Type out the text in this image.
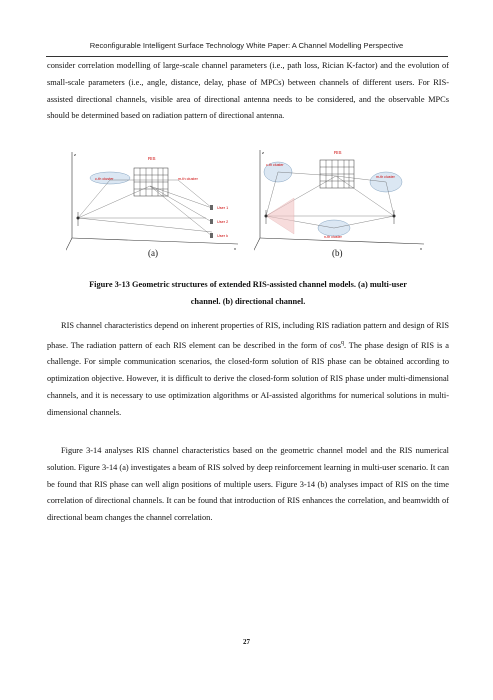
Reconfigurable Intelligent Surface Technology White Paper: A Channel Modelling Perspective
consider correlation modelling of large-scale channel parameters (i.e., path loss, Rician K-factor) and the evolution of small-scale parameters (i.e., angle, distance, delay, phase of MPCs) between channels of different users. For RIS-assisted directional channels, visible area of directional antenna needs to be considered, and the observable MPCs should be determined based on radiation pattern of directional antenna.
z
x
RIS
c-th cluster	m-th cluster
User 1
User 2
User k
(a)
z
x
RIS
c-th cluster
m-th cluster
n-th cluster
(b)
Figure 3-13 Geometric structures of extended RIS-assisted channel models. (a) multi-user
channel. (b) directional channel.
RIS channel characteristics depend on inherent properties of RIS, including RIS radiation pattern and design of RIS phase. The radiation pattern of each RIS element can be described in the form of $\cos^q$. The phase design of RIS is a challenge. For simple communication scenarios, the closed-form solution of RIS phase can be obtained according to optimization objective. However, it is difficult to derive the closed-form solution of RIS phase under multi-dimensional channels, and it is necessary to use optimization algorithms or AI-assisted algorithms for numerical solutions in multi-dimensional channels.
Figure 3-14 analyses RIS channel characteristics based on the geometric channel model and the RIS numerical solution. Figure 3-14 (a) investigates a beam of RIS solved by deep reinforcement learning in multi-user scenario. It can be found that RIS phase can well align positions of multiple users. Figure 3-14 (b) analyses impact of RIS on the time correlation of directional channels. It can be found that introduction of RIS enhances the correlation, and beamwidth of directional beam changes the channel correlation.
27
